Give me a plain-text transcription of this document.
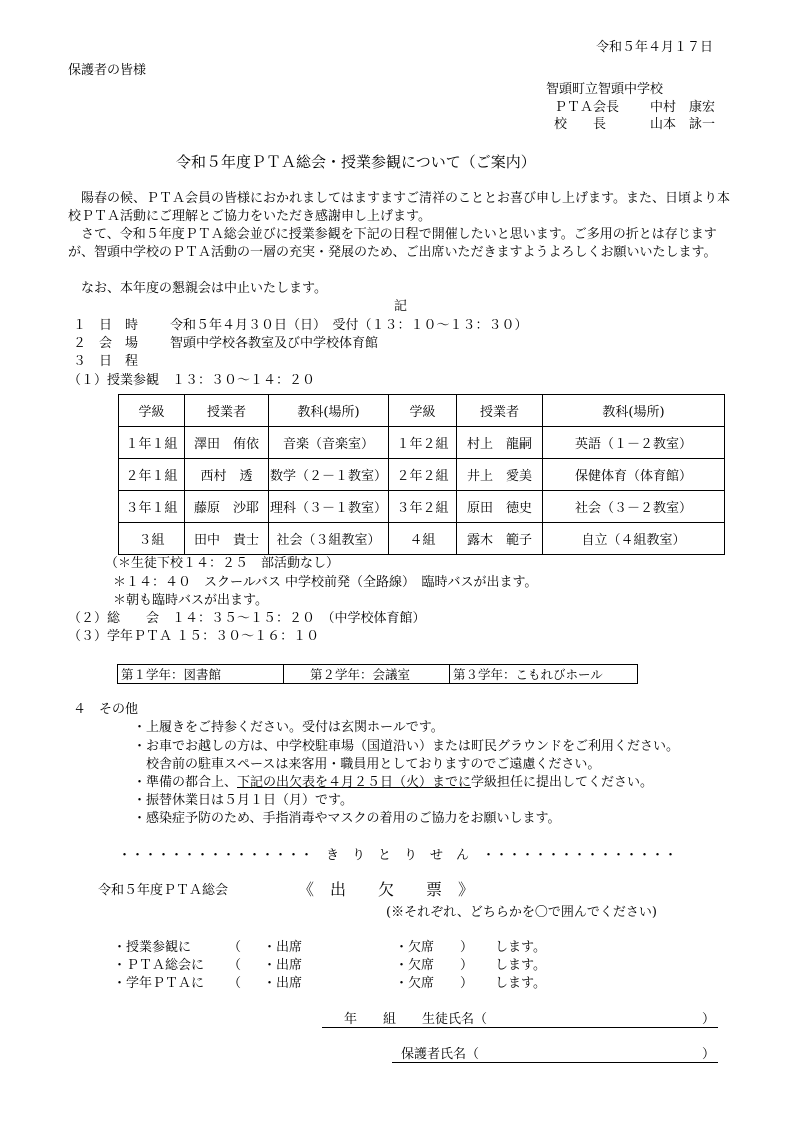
令和５年４月１７日
保護者の皆様
智頭町立智頭中学校
ＰＴＡ会長 中村　康宏
校　　長	山本　詠一
令和５年度ＰＴＡ総会・授業参観について（ご案内）

陽春の候、ＰＴＡ会員の皆様におかれましてはますますご清祥のこととお喜び申し上げます。また、日頃より本校ＰＴＡ活動にご理解とご協力をいただき感謝申し上げます。

さて、令和５年度ＰＴＡ総会並びに授業参観を下記の日程で開催したいと思います。ご多用の折とは存じますが、智頭中学校のＰＴＡ活動の一層の充実・発展のため、ご出席いただきますようよろしくお願いいたします。

なお、本年度の懇親会は中止いたします。

記
１　日　時 令和５年４月３０日（日）　受付（１３：１０～１３：３０）
２　会　場 智頭中学校各教室及び中学校体育館
３　日　程
（１）授業参観　１３：３０～１４：２０
学級	授業者	教科(場所)	学級	授業者	教科(場所)
１年１組	澤田　侑依	音楽（音楽室）	１年２組	村上　龍嗣	英語（１－２教室）
２年１組	西村　透	数学（２－１教室）	２年２組	井上　愛美	保健体育（体育館）
３年１組	藤原　沙耶	理科（３－１教室）	３年２組	原田　徳史	社会（３－２教室）
３組	田中　貴士	社会（３組教室）	４組	露木　範子	自立（４組教室）
（＊生徒下校１４：２５　部活動なし）
＊１４：４０　スクールバス 中学校前発（全路線）　臨時バスが出ます。
＊朝も臨時バスが出ます。
（２）総　　会　１４：３５～１５：２０　（中学校体育館）
（３）学年ＰＴＡ １５：３０～１６：１０
第１学年：図書館	第２学年：会議室	第３学年：こもれびホール
４　その他
・上履きをご持参ください。受付は玄関ホールです。
・お車でお越しの方は、中学校駐車場（国道沿い）または町民グラウンドをご利用ください。
校舎前の駐車スペースは来客用・職員用としておりますのでご遠慮ください。
・準備の都合上、下記の出欠表を４月２５日（火）までに学級担任に提出してください。
・振替休業日は５月１日（月）です。
・感染症予防のため、手指消毒やマスクの着用のご協力をお願いします。
・・・・・・・・・・・・・・・　き　り　と　り　せ　ん　・・・・・・・・・・・・・・・
令和５年度ＰＴＡ総会	《　出　　欠　　票　》
(※それぞれ、どちらかを〇で囲んでください)
・授業参観に	（ ・出席	・欠席 ） します。
・ＰＴＡ総会に （ ・出席	・欠席 ） します。
・学年ＰＴＡに （ ・出席	・欠席 ） します。
年　　組　　生徒氏名（	）
保護者氏名（	）
